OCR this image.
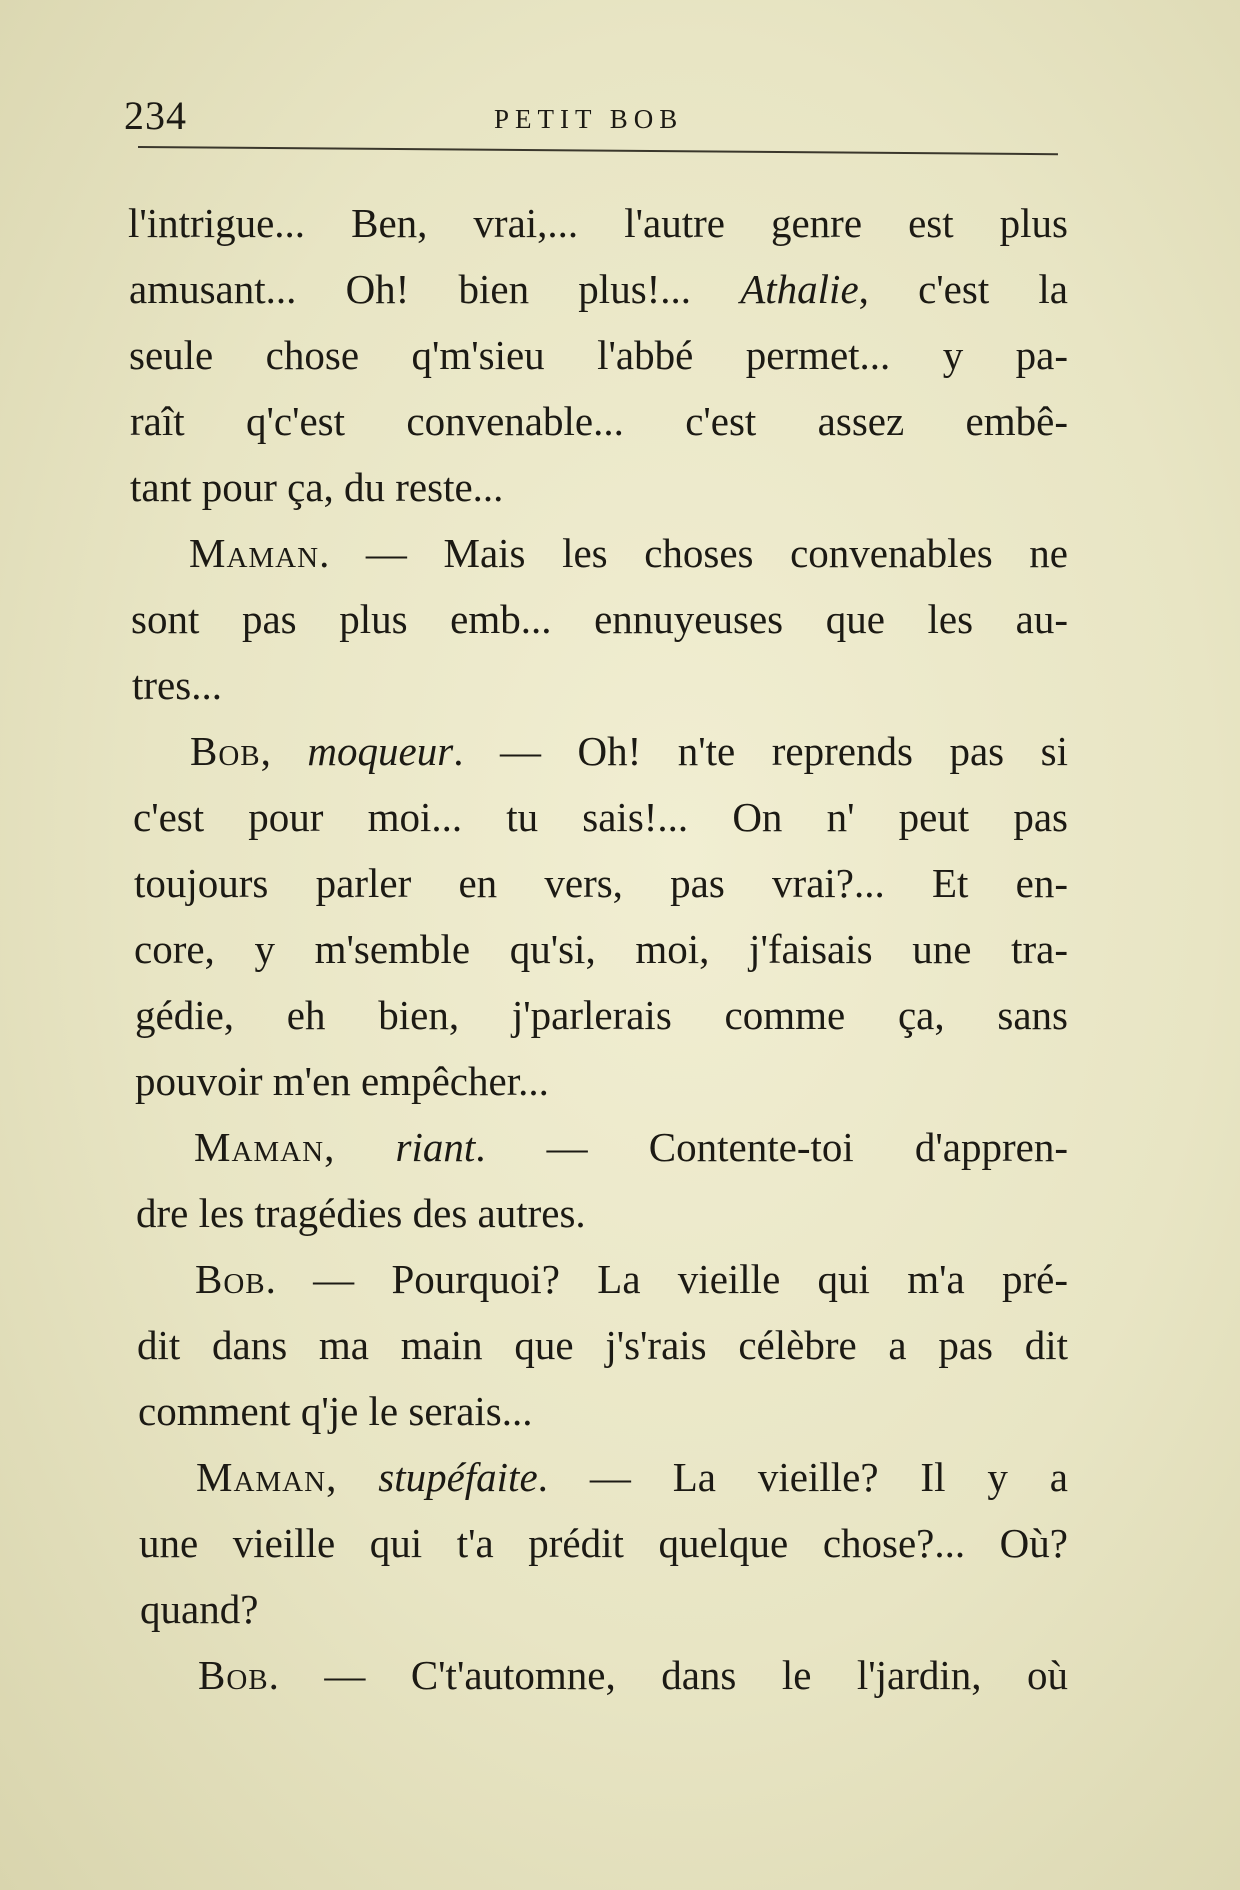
234	PETIT BOB
l'intrigue... Ben, vrai,... l'autre genre est plus
amusant... Oh! bien plus!... Athalie, c'est la
seule chose q'm'sieu l'abbé permet... y pa-
raît q'c'est convenable... c'est assez embê-
tant pour ça, du reste...
Maman. — Mais les choses convenables ne
sont pas plus emb... ennuyeuses que les au-
tres...
Bob, moqueur. — Oh! n'te reprends pas si
c'est pour moi... tu sais!... On n' peut pas
toujours parler en vers, pas vrai?... Et en-
core, y m'semble qu'si, moi, j'faisais une tra-
gédie, eh bien, j'parlerais comme ça, sans
pouvoir m'en empêcher...
Maman, riant. — Contente-toi d'appren-
dre les tragédies des autres.
Bob. — Pourquoi? La vieille qui m'a pré-
dit dans ma main que j's'rais célèbre a pas dit
comment q'je le serais...
Maman, stupéfaite. — La vieille? Il y a
une vieille qui t'a prédit quelque chose?... Où?
quand?
Bob. — C't'automne, dans le l'jardin, où
